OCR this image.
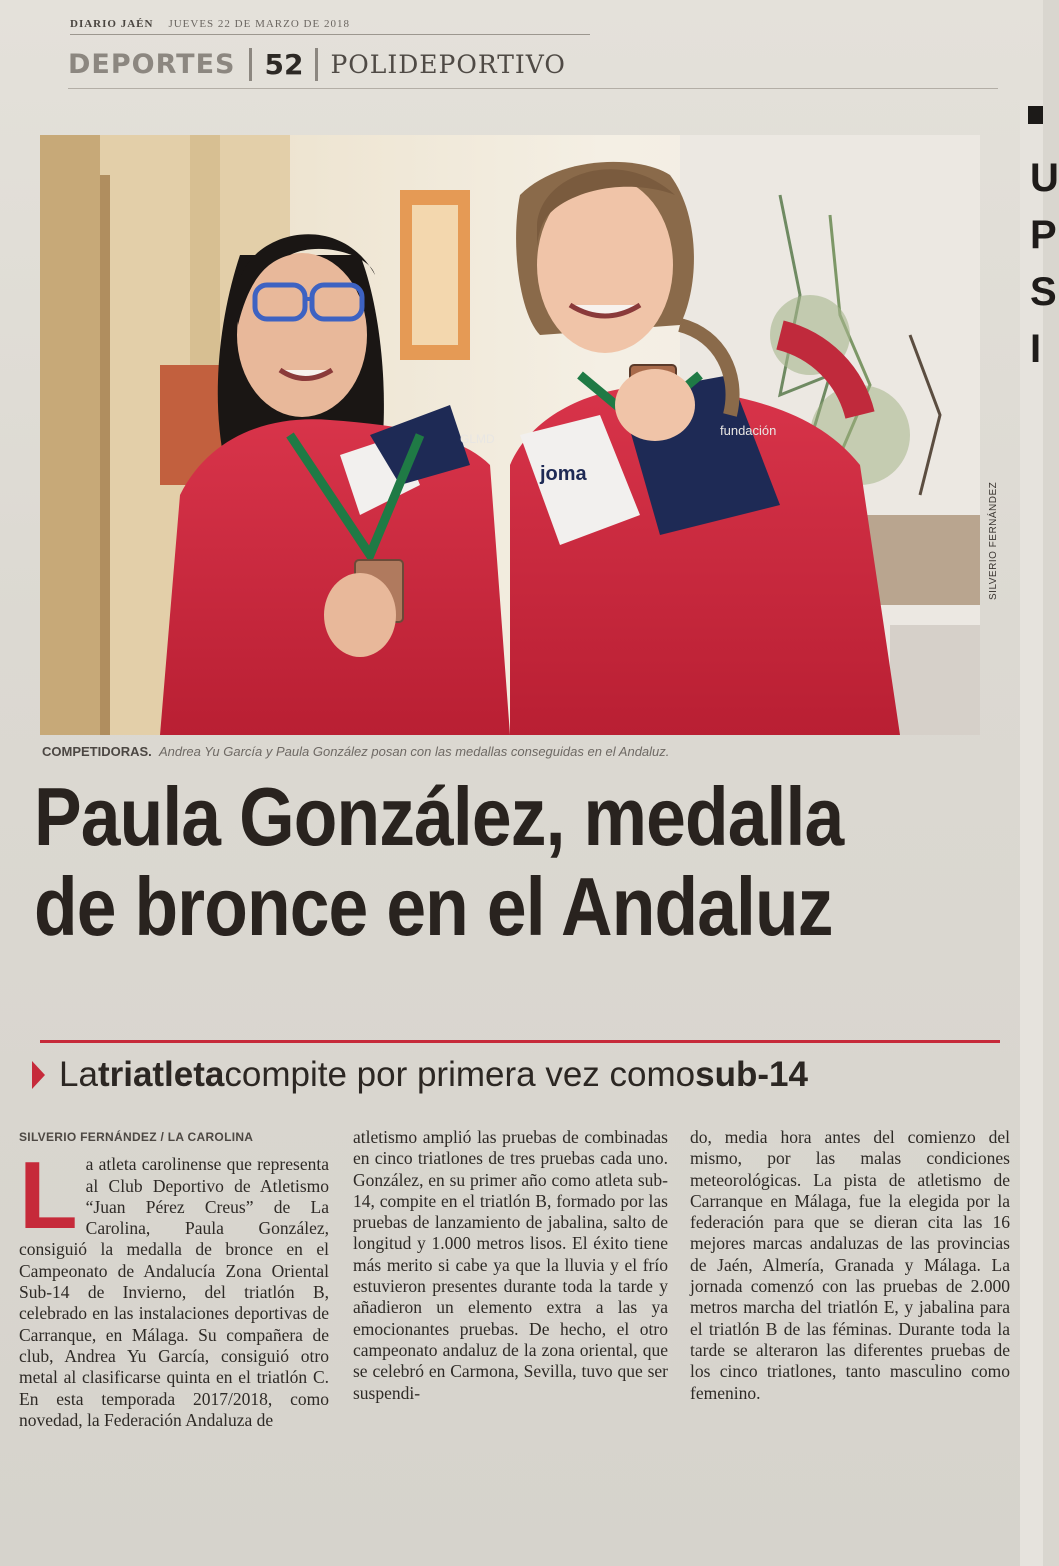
DIARIO JAÉN JUEVES 22 DE MARZO DE 2018
DEPORTES	52	POLIDEPORTIVO
GLMD
joma
fundación
SILVERIO FERNÁNDEZ
COMPETIDORAS. Andrea Yu García y Paula González posan con las medallas conseguidas en el Andaluz.
Paula González, medalla
de bronce en el Andaluz
La triatleta compite por primera vez como sub-14
SILVERIO FERNÁNDEZ / LA CAROLINA
L a atleta carolinense que representa al Club Deportivo de Atletismo “Juan Pérez Creus” de La Carolina, Paula González, consiguió la medalla de bronce en el Campeonato de Andalucía Zona Oriental Sub-14 de Invierno, del triatlón B, celebrado en las instalaciones deportivas de Carranque, en Málaga. Su compañera de club, Andrea Yu García, consiguió otro metal al clasificarse quinta en el triatlón C. En esta temporada 2017/2018, como novedad, la Federación Andaluza de
atletismo amplió las pruebas de combinadas en cinco triatlones de tres pruebas cada uno. González, en su primer año como atleta sub-14, compite en el triatlón B, formado por las pruebas de lanzamiento de jabalina, salto de longitud y 1.000 metros lisos. El éxito tiene más merito si cabe ya que la lluvia y el frío estuvieron presentes durante toda la tarde y añadieron un elemento extra a las ya emocionantes pruebas. De hecho, el otro campeonato andaluz de la zona oriental, que se celebró en Carmona, Sevilla, tuvo que ser suspendi-
do, media hora antes del comienzo del mismo, por las malas condiciones meteorológicas. La pista de atletismo de Carranque en Málaga, fue la elegida por la federación para que se dieran cita las 16 mejores marcas andaluzas de las provincias de Jaén, Almería, Granada y Málaga. La jornada comenzó con las pruebas de 2.000 metros marcha del triatlón E, y jabalina para el triatlón B de las féminas. Durante toda la tarde se alteraron las diferentes pruebas de los cinco triatlones, tanto masculino como femenino.
U
P
S
I
